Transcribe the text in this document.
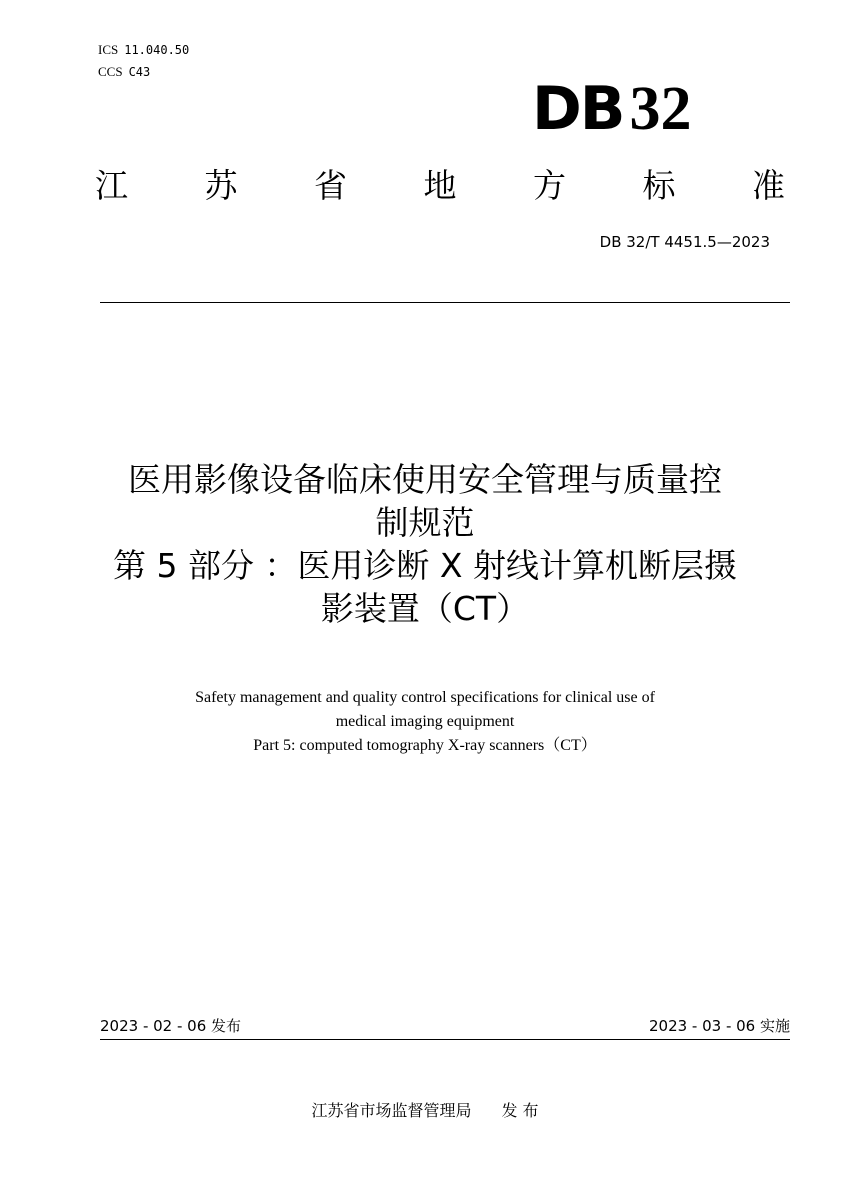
ICS 11.040.50
CCS C43
DB32
江 苏 省 地 方 标 准
DB 32/T 4451.5—2023
医用影像设备临床使用安全管理与质量控
制规范
第 5 部分 ：医用诊断 X 射线计算机断层摄
影装置（CT）
Safety management and quality control specifications for clinical use of
medical imaging equipment
Part 5: computed tomography X-ray scanners（CT）
2023 - 02 - 06 发布	2023 - 03 - 06 实施
江苏省市场监督管理局 发 布
